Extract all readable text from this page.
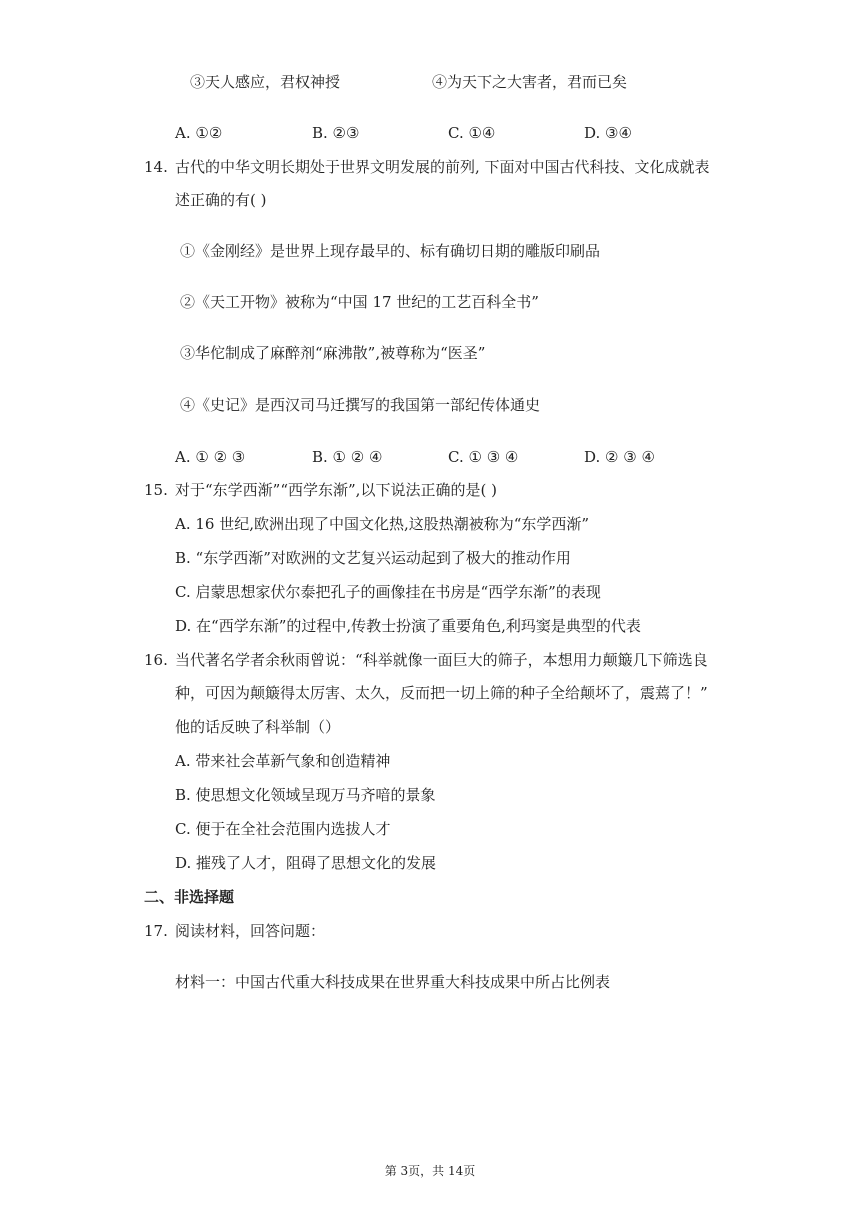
③天人感应，君权神授	④为天下之大害者，君而已矣
A. ①②	B. ②③	C. ①④	D. ③④
14. 古代的中华文明长期处于世界文明发展的前列, 下面对中国古代科技、文化成就表
述正确的有( )
①《金刚经》是世界上现存最早的、标有确切日期的雕版印刷品
②《天工开物》被称为“中国 17 世纪的工艺百科全书”
③华佗制成了麻醉剂“麻沸散”,被尊称为“医圣”
④《史记》是西汉司马迁撰写的我国第一部纪传体通史
A. ① ② ③	B. ① ② ④	C. ① ③ ④	D. ② ③ ④
15. 对于“东学西渐”“西学东渐”,以下说法正确的是( )
A. 16 世纪,欧洲出现了中国文化热,这股热潮被称为“东学西渐”
B. “东学西渐”对欧洲的文艺复兴运动起到了极大的推动作用
C. 启蒙思想家伏尔泰把孔子的画像挂在书房是“西学东渐”的表现
D. 在“西学东渐”的过程中,传教士扮演了重要角色,利玛窦是典型的代表
16. 当代著名学者余秋雨曾说：“科举就像一面巨大的筛子，本想用力颠簸几下筛选良
种，可因为颠簸得太厉害、太久，反而把一切上筛的种子全给颠坏了，震蔫了！”
他的话反映了科举制（）
A. 带来社会革新气象和创造精神
B. 使思想文化领域呈现万马齐喑的景象
C. 便于在全社会范围内选拔人才
D. 摧残了人才，阻碍了思想文化的发展
二、非选择题
17. 阅读材料，回答问题：
材料一：中国古代重大科技成果在世界重大科技成果中所占比例表
第 3页，共 14页
